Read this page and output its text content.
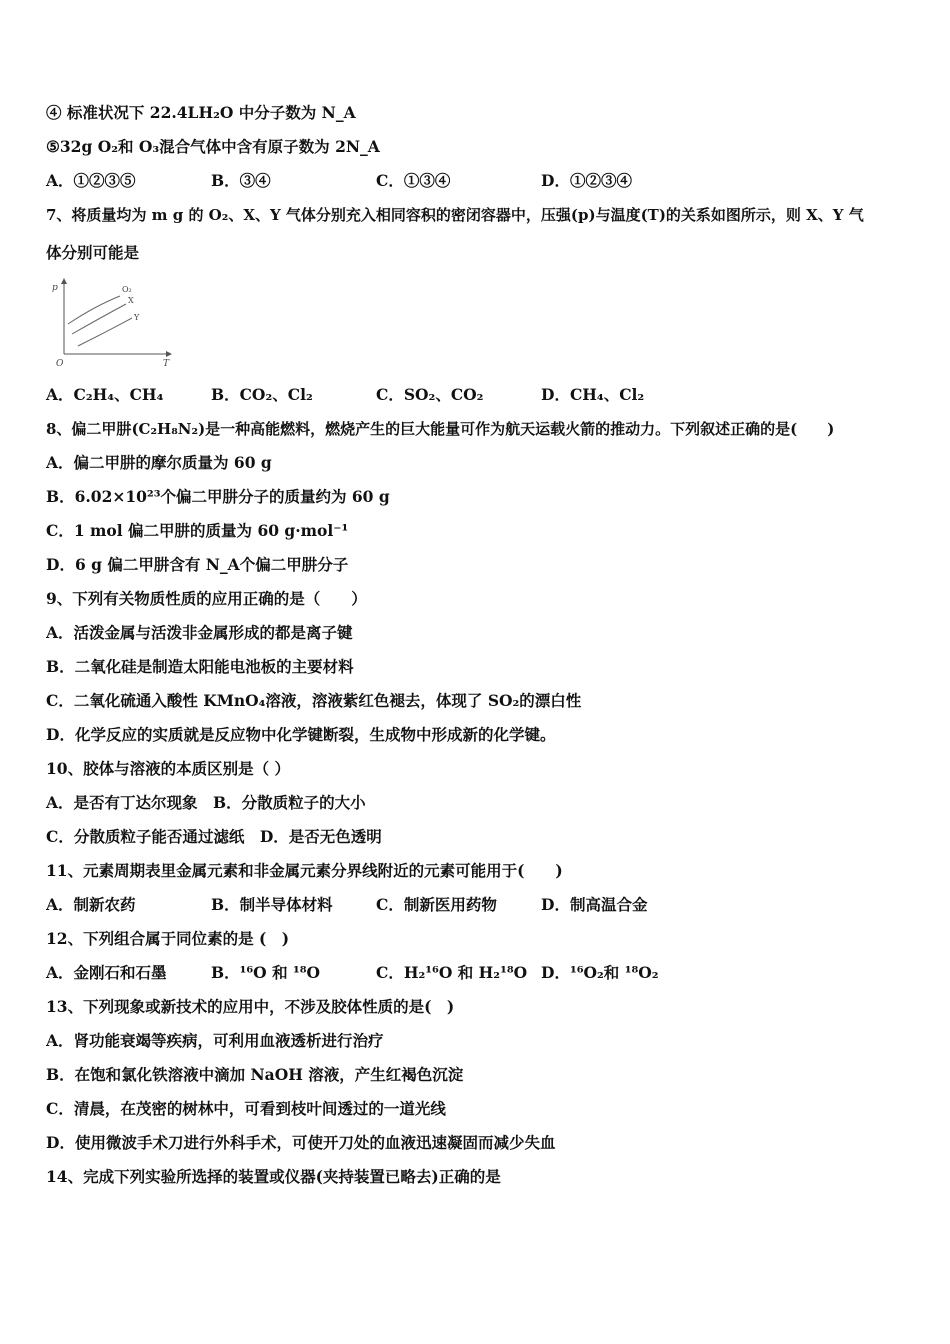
④ 标准状况下 22.4LH₂O 中分子数为 N_A
⑤32g O₂和 O₃混合气体中含有原子数为 2N_A
A．①②③⑤	B．③④	C．①③④	D．①②③④
7、将质量均为 m g 的 O₂、X、Y 气体分别充入相同容积的密闭容器中，压强(p)与温度(T)的关系如图所示，则 X、Y 气
体分别可能是
p
T
O
O₂
X
Y
A．C₂H₄、CH₄	B．CO₂、Cl₂	C．SO₂、CO₂	D．CH₄、Cl₂
8、偏二甲肼(C₂H₈N₂)是一种高能燃料，燃烧产生的巨大能量可作为航天运载火箭的推动力。下列叙述正确的是(　　)
A．偏二甲肼的摩尔质量为 60 g
B．6.02×10²³个偏二甲肼分子的质量约为 60 g
C．1 mol 偏二甲肼的质量为 60 g·mol⁻¹
D．6 g 偏二甲肼含有 N_A个偏二甲肼分子
9、下列有关物质性质的应用正确的是（　　）
A．活泼金属与活泼非金属形成的都是离子键
B．二氧化硅是制造太阳能电池板的主要材料
C．二氧化硫通入酸性 KMnO₄溶液，溶液紫红色褪去，体现了 SO₂的漂白性
D．化学反应的实质就是反应物中化学键断裂，生成物中形成新的化学键。
10、胶体与溶液的本质区别是（ ）
A．是否有丁达尔现象　B．分散质粒子的大小
C．分散质粒子能否通过滤纸　D．是否无色透明
11、元素周期表里金属元素和非金属元素分界线附近的元素可能用于(　　)
A．制新农药	B．制半导体材料	C．制新医用药物	D．制高温合金
12、下列组合属于同位素的是 (　)
A．金刚石和石墨	B．¹⁶O 和 ¹⁸O	C．H₂¹⁶O 和 H₂¹⁸O D．¹⁶O₂和 ¹⁸O₂
13、下列现象或新技术的应用中，不涉及胶体性质的是(　)
A．肾功能衰竭等疾病，可利用血液透析进行治疗
B．在饱和氯化铁溶液中滴加 NaOH 溶液，产生红褐色沉淀
C．清晨，在茂密的树林中，可看到枝叶间透过的一道光线
D．使用微波手术刀进行外科手术，可使开刀处的血液迅速凝固而减少失血
14、完成下列实验所选择的装置或仪器(夹持装置已略去)正确的是
